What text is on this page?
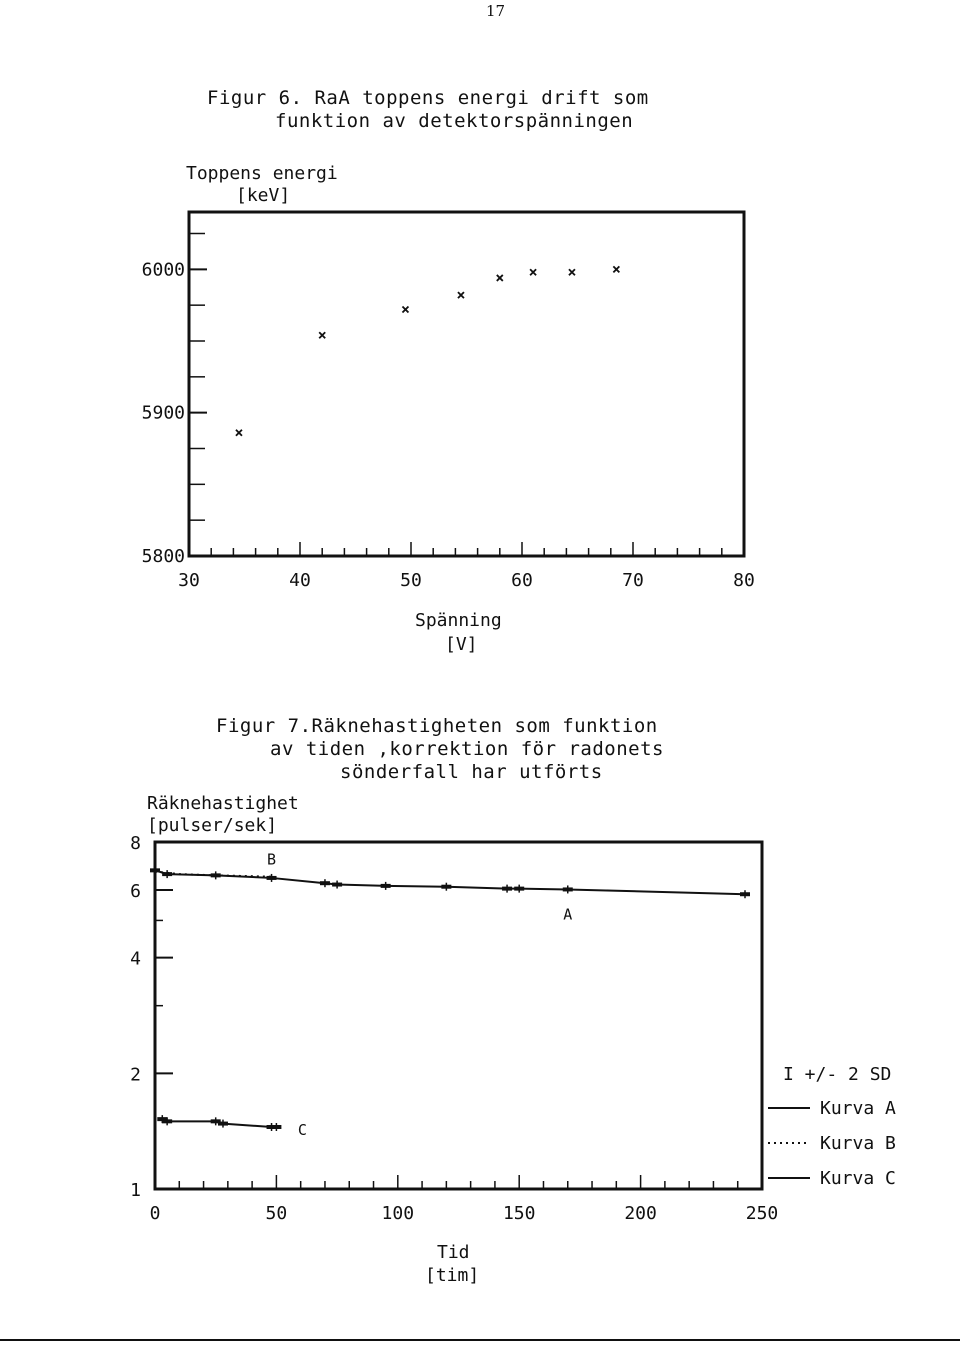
17
Figur 6. RaA toppens energi drift som
funktion av detektorspänningen
Toppens energi
[keV]
Spänning
[V]
Figur 7.Räknehastigheten som funktion
av tiden ,korrektion för radonets
sönderfall har utförts
Räknehastighet
[pulser/sek]
Tid
[tim]
I +/- 2 SD
Kurva A
Kurva B
Kurva C
5800
5900
6000
30	40	50	60	70	80
1
2
4
6
8
0	50	100	150	200	250
A
B
C
